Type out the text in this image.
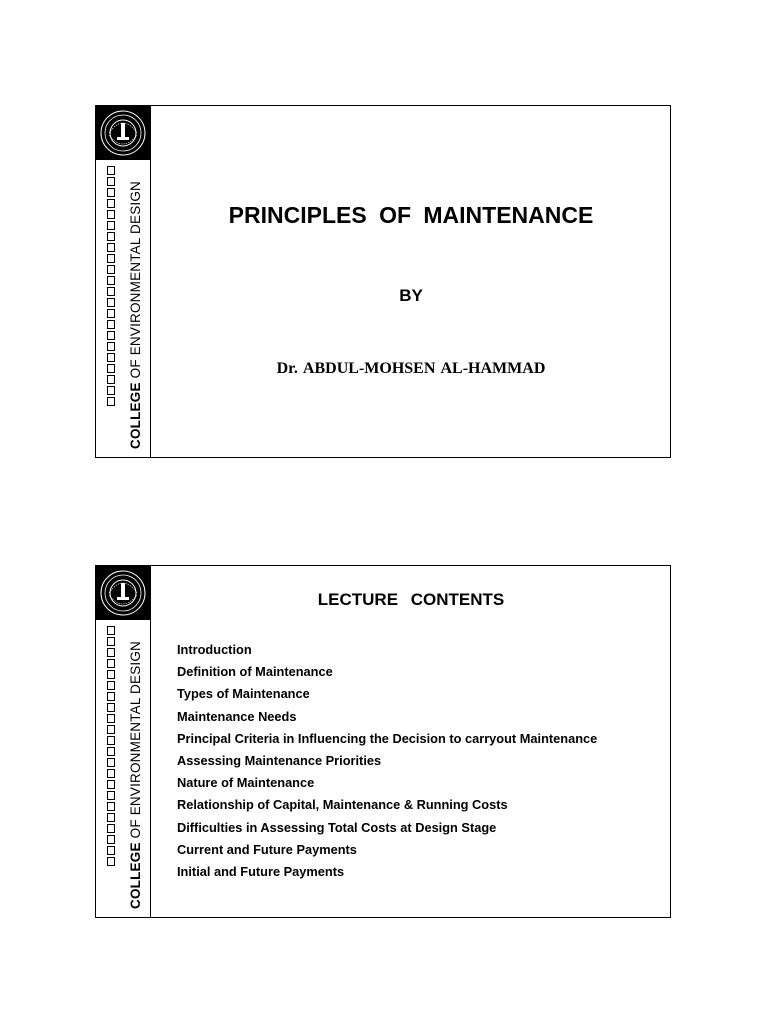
COLLEGE OF ENVIRONMENTAL DESIGN	PRINCIPLES OF MAINTENANCE
BY
Dr. ABDUL-MOHSEN AL-HAMMAD
COLLEGE OF ENVIRONMENTAL DESIGN
LECTURE CONTENTS
Introduction
Definition of Maintenance
Types of Maintenance
Maintenance Needs
Principal Criteria in Influencing the Decision to carryout Maintenance
Assessing Maintenance Priorities
Nature of Maintenance
Relationship of Capital, Maintenance & Running Costs
Difficulties in Assessing Total Costs at Design Stage
Current and Future Payments
Initial and Future Payments
